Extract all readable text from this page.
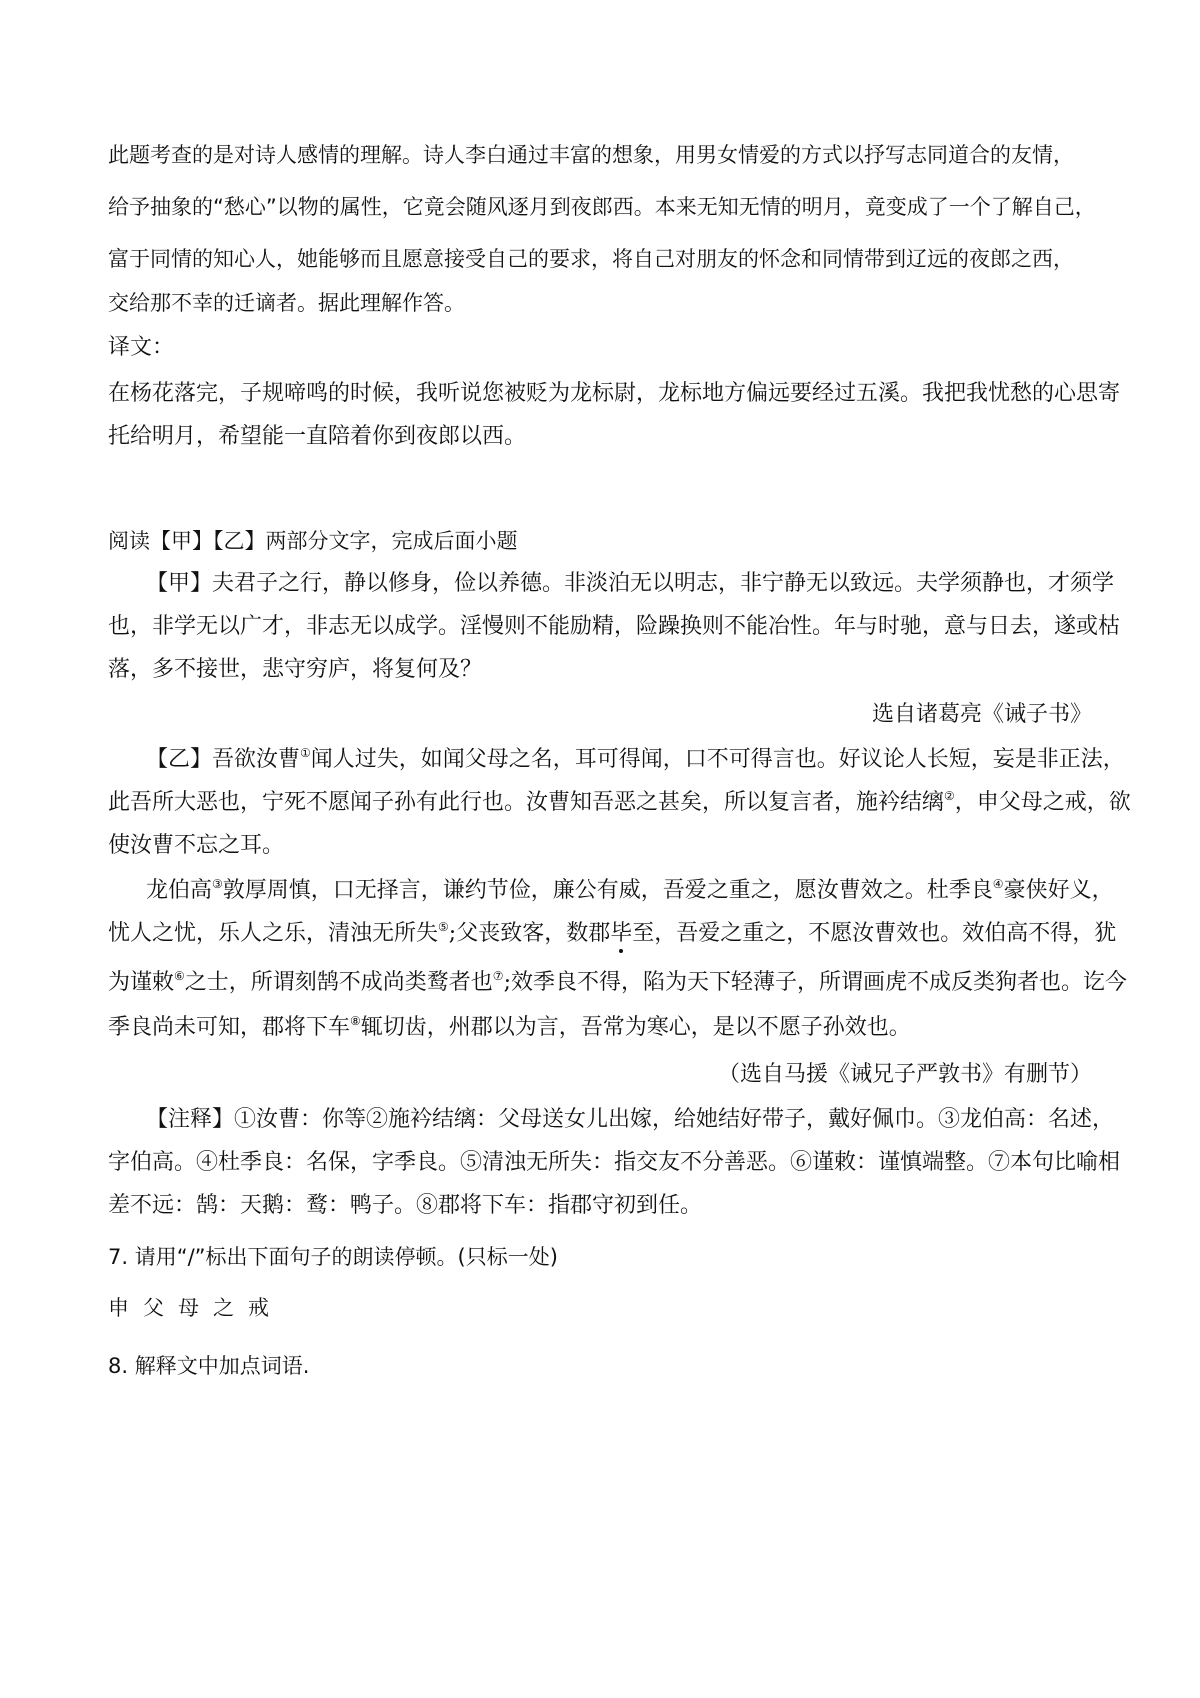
此题考查的是对诗人感情的理解。诗人李白通过丰富的想象，用男女情爱的方式以抒写志同道合的友情，
给予抽象的“愁心”以物的属性，它竟会随风逐月到夜郎西。本来无知无情的明月，竟变成了一个了解自己，
富于同情的知心人，她能够而且愿意接受自己的要求，将自己对朋友的怀念和同情带到辽远的夜郎之西，
交给那不幸的迁谪者。据此理解作答。
译文：
在杨花落完，子规啼鸣的时候，我听说您被贬为龙标尉，龙标地方偏远要经过五溪。我把我忧愁的心思寄
托给明月，希望能一直陪着你到夜郎以西。
阅读【甲】【乙】两部分文字，完成后面小题
【甲】夫君子之行，静以修身，俭以养德。非淡泊无以明志，非宁静无以致远。夫学须静也，才须学
也，非学无以广才，非志无以成学。淫慢则不能励精，险躁换则不能冶性。年与时驰，意与日去，遂或枯
落，多不接世，悲守穷庐，将复何及？
选自诸葛亮《诫子书》
【乙】吾欲汝曹①闻人过失，如闻父母之名，耳可得闻，口不可得言也。好议论人长短，妄是非正法，
此吾所大恶也，宁死不愿闻子孙有此行也。汝曹知吾恶之甚矣，所以复言者，施衿结缡②，申父母之戒，欲
使汝曹不忘之耳。
龙伯高③敦厚周慎，口无择言，谦约节俭，廉公有威，吾爱之重之，愿汝曹效之。杜季良④豪侠好义，
忧人之忧，乐人之乐，清浊无所失⑤;父丧致客，数郡毕至，吾爱之重之，不愿汝曹效也。效伯高不得，犹
为谨敕⑥之士，所谓刻鹄不成尚类鹜者也⑦;效季良不得，陷为天下轻薄子，所谓画虎不成反类狗者也。讫今
季良尚未可知，郡将下车⑧辄切齿，州郡以为言，吾常为寒心，是以不愿子孙效也。
（选自马援《诫兄子严敦书》有删节）
【注释】①汝曹：你等②施衿结缡：父母送女儿出嫁，给她结好带子，戴好佩巾。③龙伯高：名述，
字伯高。④杜季良：名保，字季良。⑤清浊无所失：指交友不分善恶。⑥谨敕：谨慎端整。⑦本句比喻相
差不远：鹄：天鹅：鹜：鸭子。⑧郡将下车：指郡守初到任。
7. 请用“/”标出下面句子的朗读停顿。(只标一处)
申父母之戒
8. 解释文中加点词语.
